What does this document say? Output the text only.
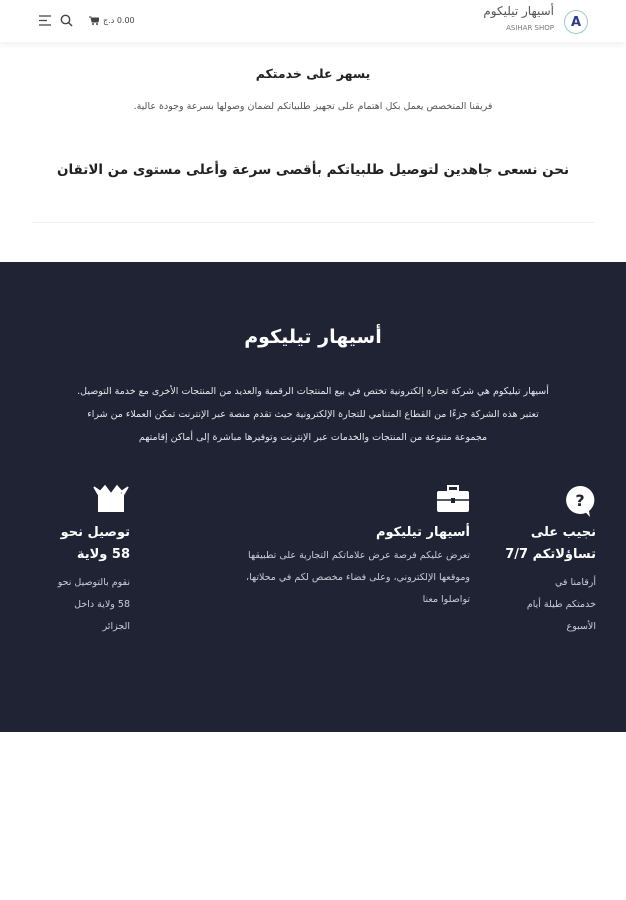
A
أسيهار تيليكوم
ASIHAR SHOP
0.00 د.ج
يسهر على خدمتكم
فريقنا المتخصص يعمل بكل اهتمام على تجهيز طلبياتكم لضمان وصولها بسرعة وجودة عالية.
نحن نسعى جاهدين لتوصيل طلبياتكم بأقصى سرعة وأعلى مستوى من الاتقان
أسيهار تيليكوم
أسيهار تيليكوم هي شركة تجارة إلكترونية تختص في بيع المنتجات الرقمية والعديد من المنتجات الأخرى مع خدمة التوصيل.
تعتبر هذه الشركة جزءًا من القطاع المتنامي للتجارة الإلكترونية حيث تقدم منصة عبر الإنترنت تمكن العملاء من شراء
مجموعة متنوعة من المنتجات والخدمات عبر الإنترنت وتوفيرها مباشرة إلى أماكن إقامتهم
?
نجيب على
تساؤلاتكم 7/7

أرقامنا في
خدمتكم طيلة أيام
الأسبوع

أسيهار تيليكوم

تعرض عليكم فرصة عرض علاماتكم التجارية على تطبيقها
وموقعها الإلكتروني، وعلى فضاء مخصص لكم في محلاتها،
تواصلوا معنا

توصيل نحو
58 ولاية

نقوم بالتوصيل نحو
58 ولاية داخل
الجزائر
